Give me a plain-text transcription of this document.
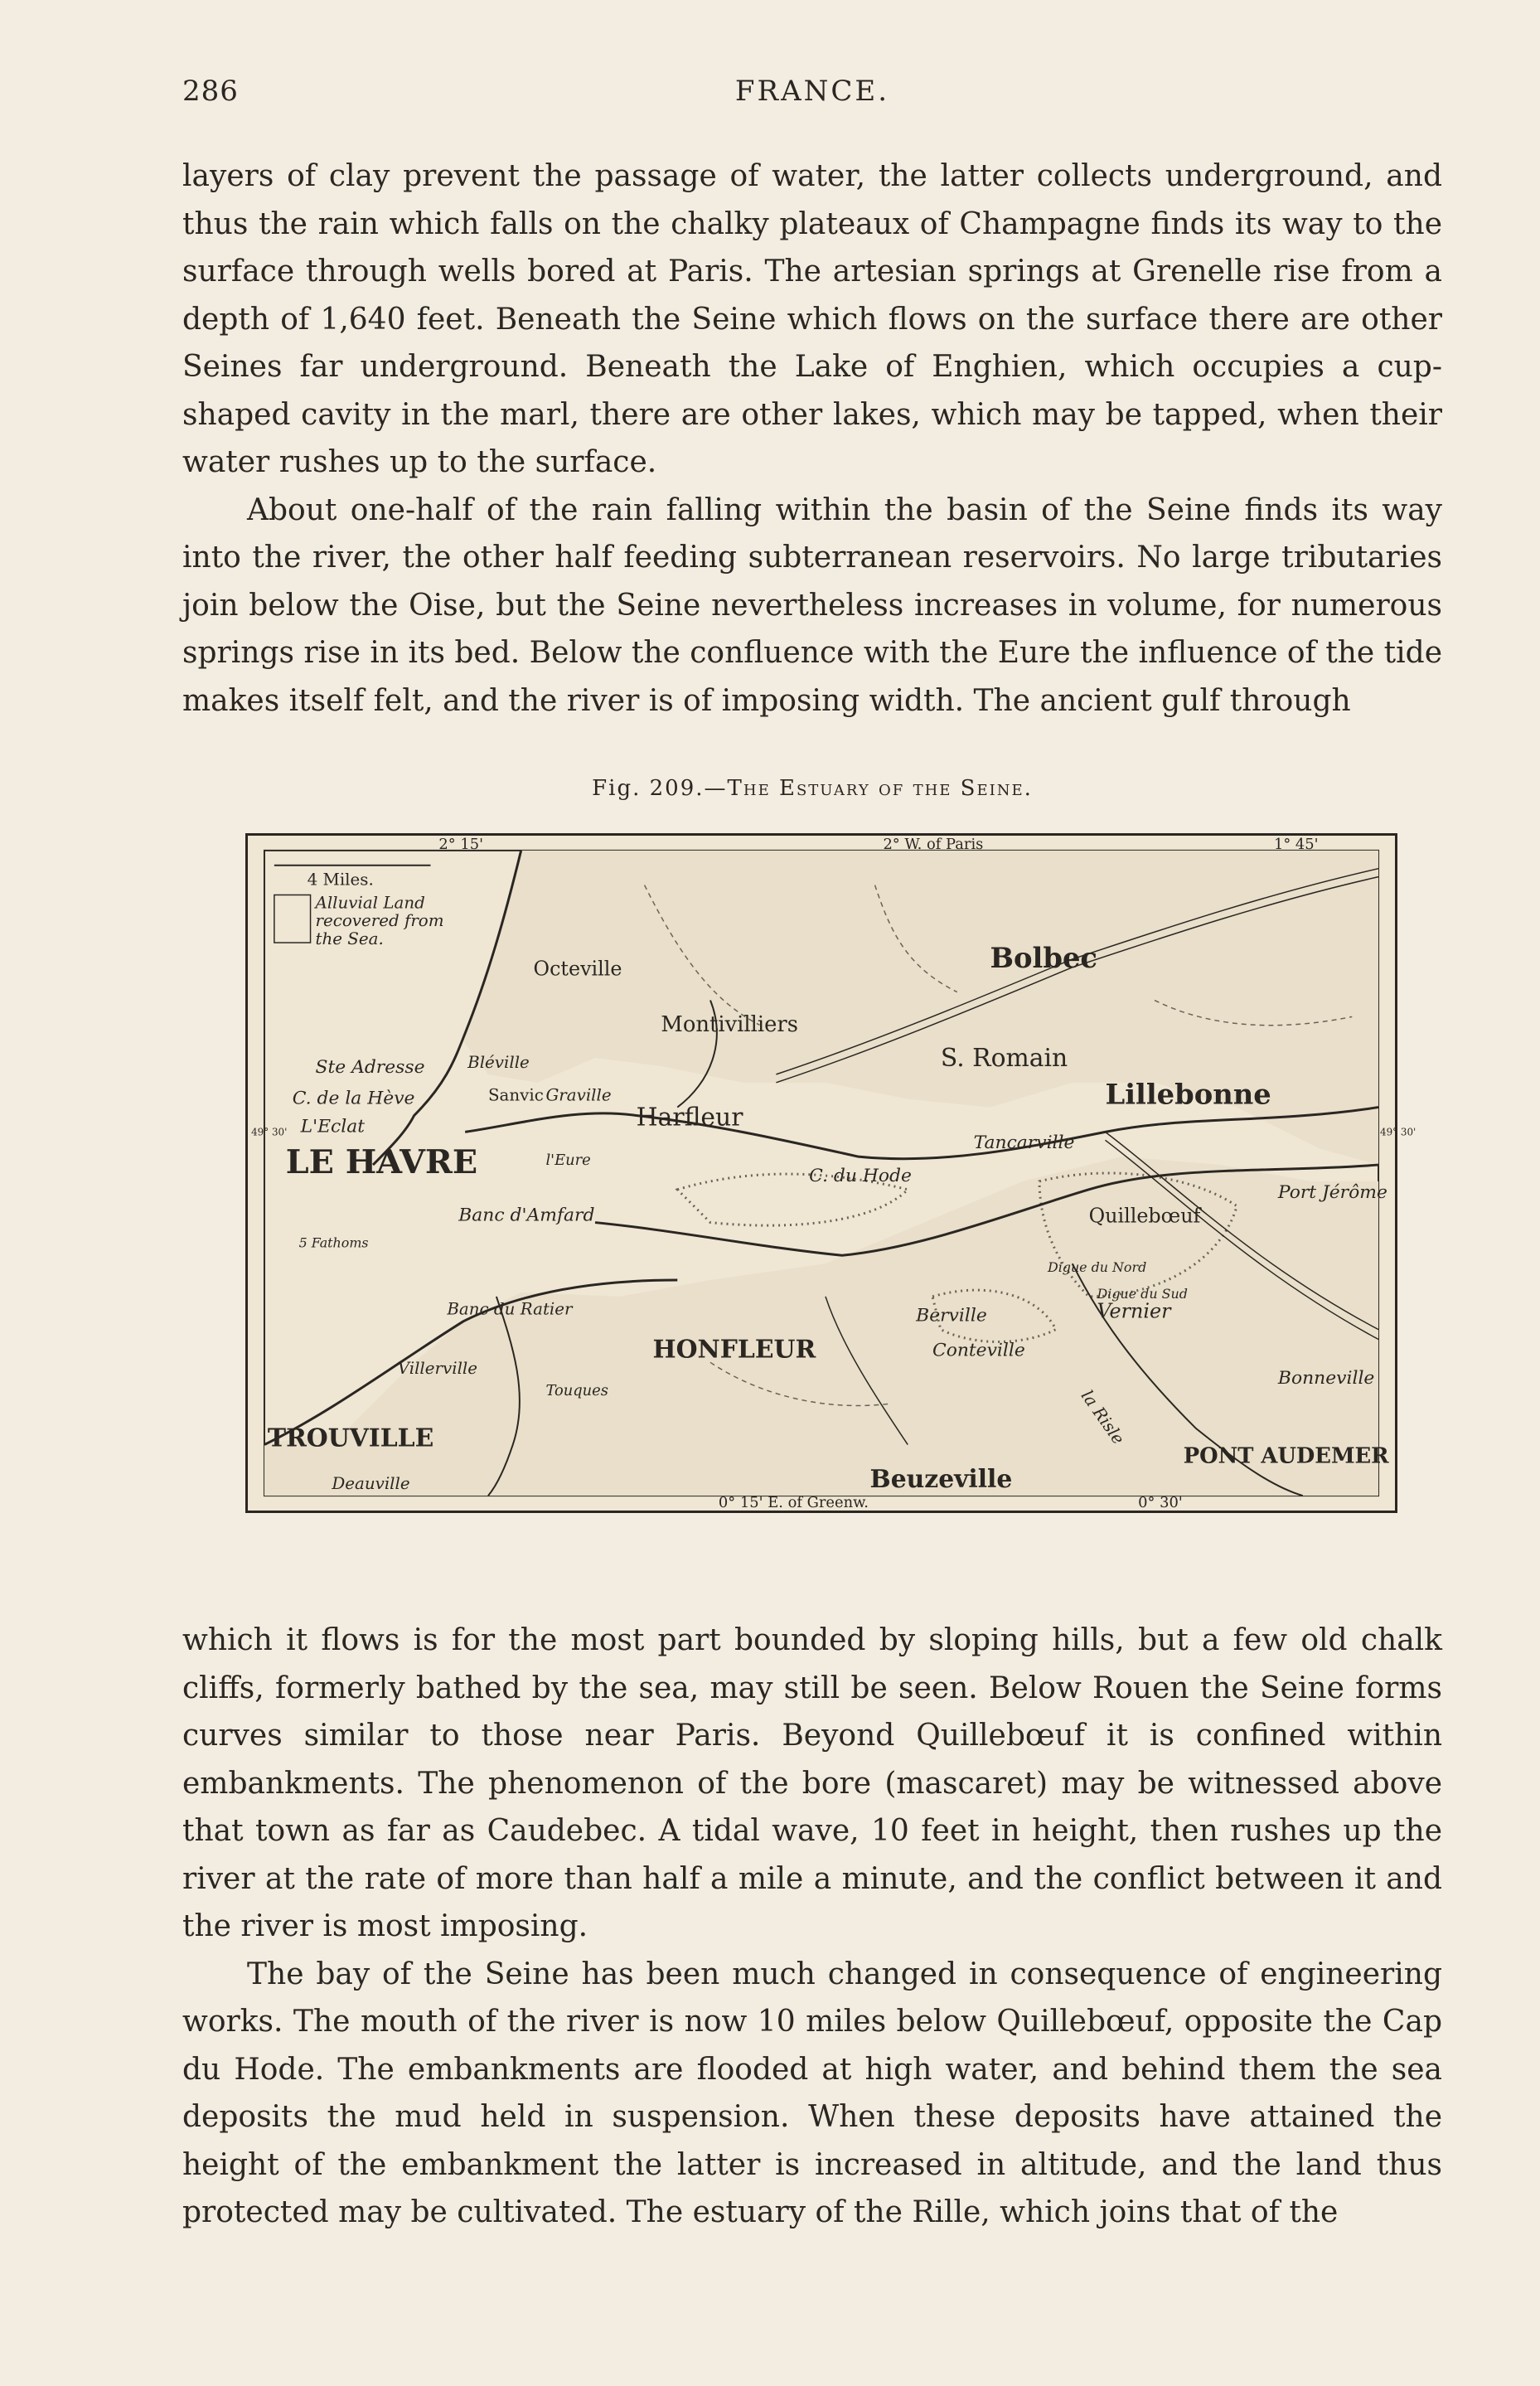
286	FRANCE.

layers of clay prevent the passage of water, the latter collects underground, and thus the rain which falls on the chalky plateaux of Champagne finds its way to the surface through wells bored at Paris. The artesian springs at Grenelle rise from a depth of 1,640 feet. Beneath the Seine which flows on the surface there are other Seines far underground. Beneath the Lake of Enghien, which occupies a cup-shaped cavity in the marl, there are other lakes, which may be tapped, when their water rushes up to the surface.

About one-half of the rain falling within the basin of the Seine finds its way into the river, the other half feeding subterranean reservoirs. No large tributaries join below the Oise, but the Seine nevertheless increases in volume, for numerous springs rise in its bed. Below the confluence with the Eure the influence of the tide makes itself felt, and the river is of imposing width. The ancient gulf through

Fig. 209.—The Estuary of the Seine.
2° 15'	2° W. of Paris	1° 45'
0° 15' E. of Greenw.	0° 30'
49° 30'	49° 30'
4 Miles.
Alluvial Land
recovered from
the Sea.
Octeville	Bolbec
Montivilliers
S. Romain
Ste Adresse
C. de la Hève
L'Eclat
Bléville
Sanvic Graville
Harfleur
Lillebonne
LE HAVRE	l'Eure
Tancarville
C. du Hode
Banc d'Amfard
Port Jérôme
Quillebœuf
5 Fathoms
Banc du Ratier
Digue du Nord
Digue du Sud
Berville	Vernier
HONFLEUR	Conteville
Villerville
la Risle
Bonneville
Touques
TROUVILLE
PONT AUDEMER
Deauville	Beuzeville

which it flows is for the most part bounded by sloping hills, but a few old chalk cliffs, formerly bathed by the sea, may still be seen. Below Rouen the Seine forms curves similar to those near Paris. Beyond Quillebœuf it is confined within embankments. The phenomenon of the bore (mascaret) may be witnessed above that town as far as Caudebec. A tidal wave, 10 feet in height, then rushes up the river at the rate of more than half a mile a minute, and the conflict between it and the river is most imposing.

The bay of the Seine has been much changed in consequence of engineering works. The mouth of the river is now 10 miles below Quillebœuf, opposite the Cap du Hode. The embankments are flooded at high water, and behind them the sea deposits the mud held in suspension. When these deposits have attained the height of the embankment the latter is increased in altitude, and the land thus protected may be cultivated. The estuary of the Rille, which joins that of the
